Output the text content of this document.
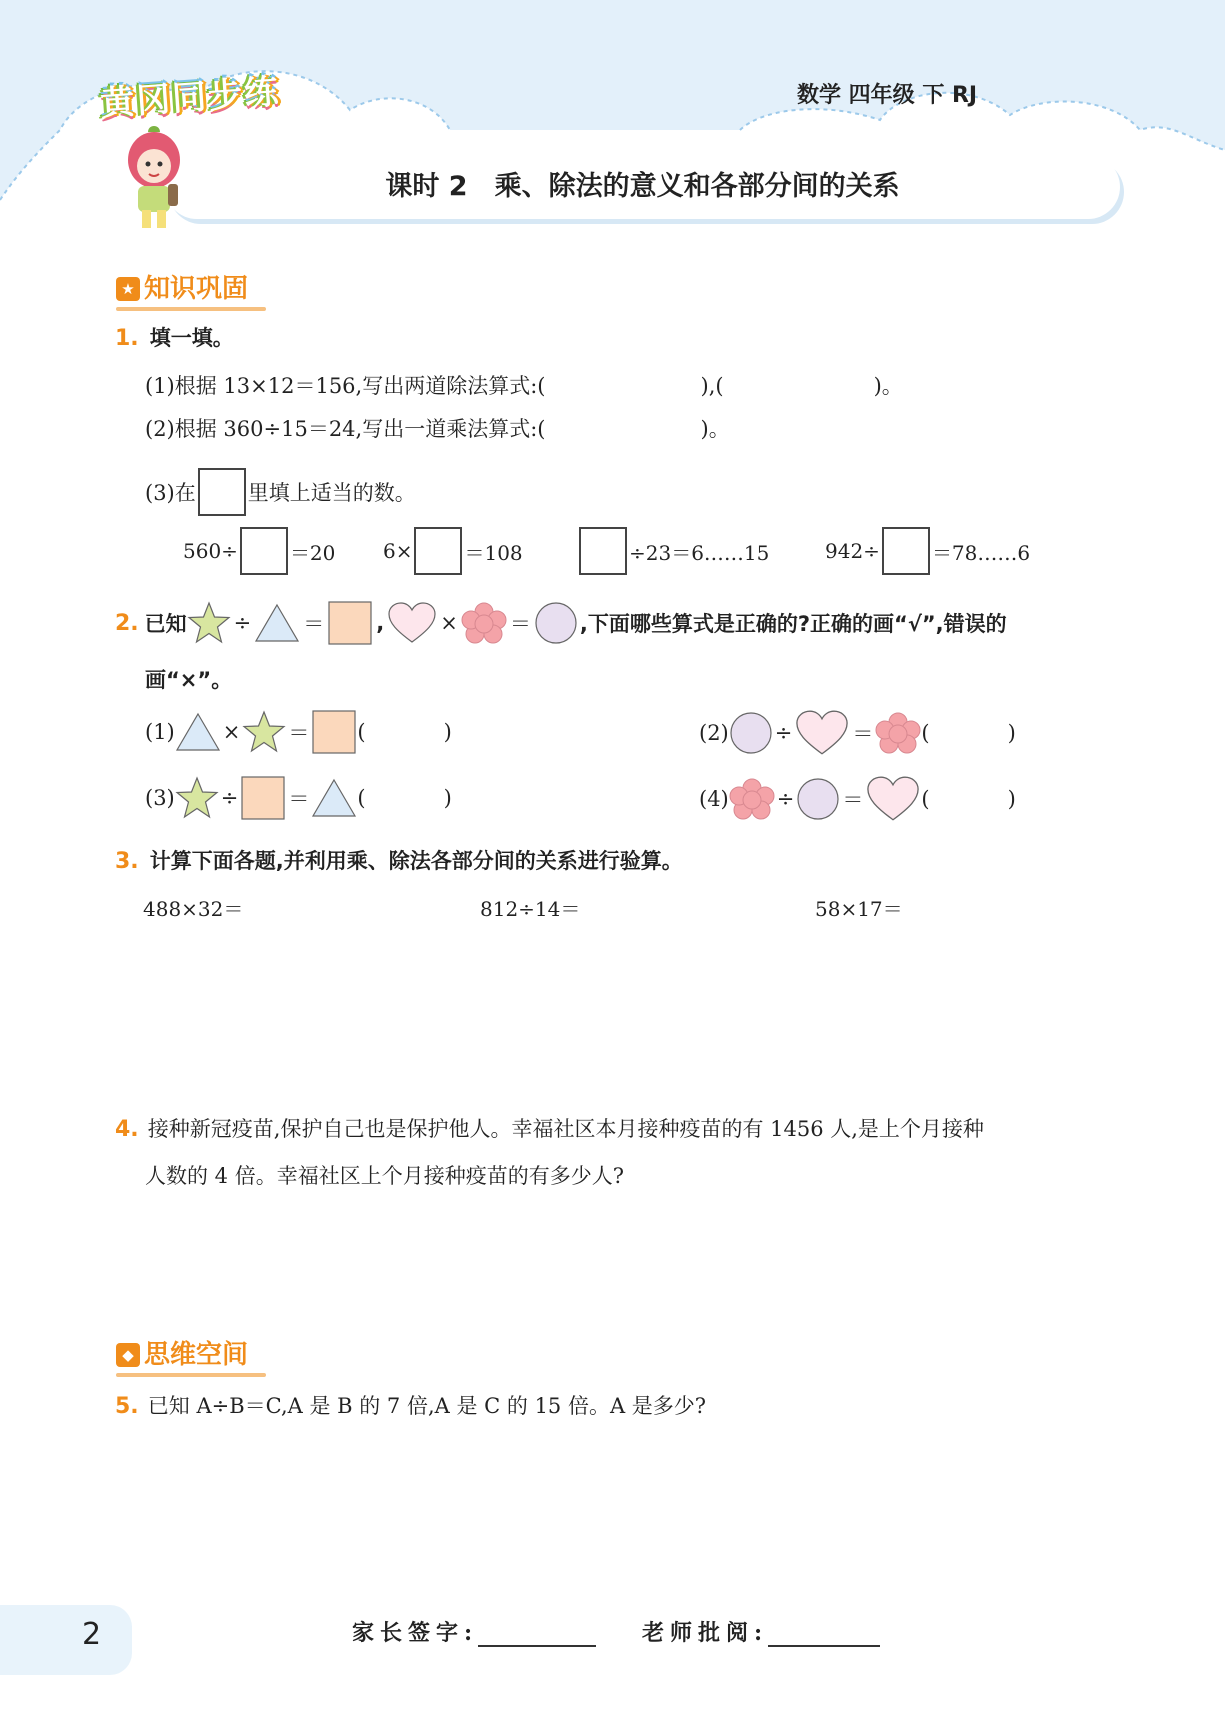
黄冈同步练	数学 四年级 下 RJ
课时 2　乘、除法的意义和各部分间的关系
★ 知识巩固
1. 填一填。
(1)根据 13×12＝156,写出两道除法算式:(	),(	)。
(2)根据 360÷15＝24,写出一道乘法算式:(	)。
(3)在 里填上适当的数。
560÷	＝20 6×	＝108	÷23＝6……15	942÷	＝78……6
2. 已知 ÷ ＝ ,	× ＝ ,下面哪些算式是正确的?正确的画“√”,错误的
画“×”。
(1) × ＝ (	)	(2) ÷	＝ (	)
(3) ÷ ＝ (	)	(4) ÷ ＝	(	)
3. 计算下面各题,并利用乘、除法各部分间的关系进行验算。
488×32＝	812÷14＝	58×17＝
4. 接种新冠疫苗,保护自己也是保护他人。幸福社区本月接种疫苗的有 1456 人,是上个月接种
人数的 4 倍。幸福社区上个月接种疫苗的有多少人?
◆ 思维空间
5. 已知 A÷B＝C,A 是 B 的 7 倍,A 是 C 的 15 倍。A 是多少?
2	家长签字:	老师批阅:
